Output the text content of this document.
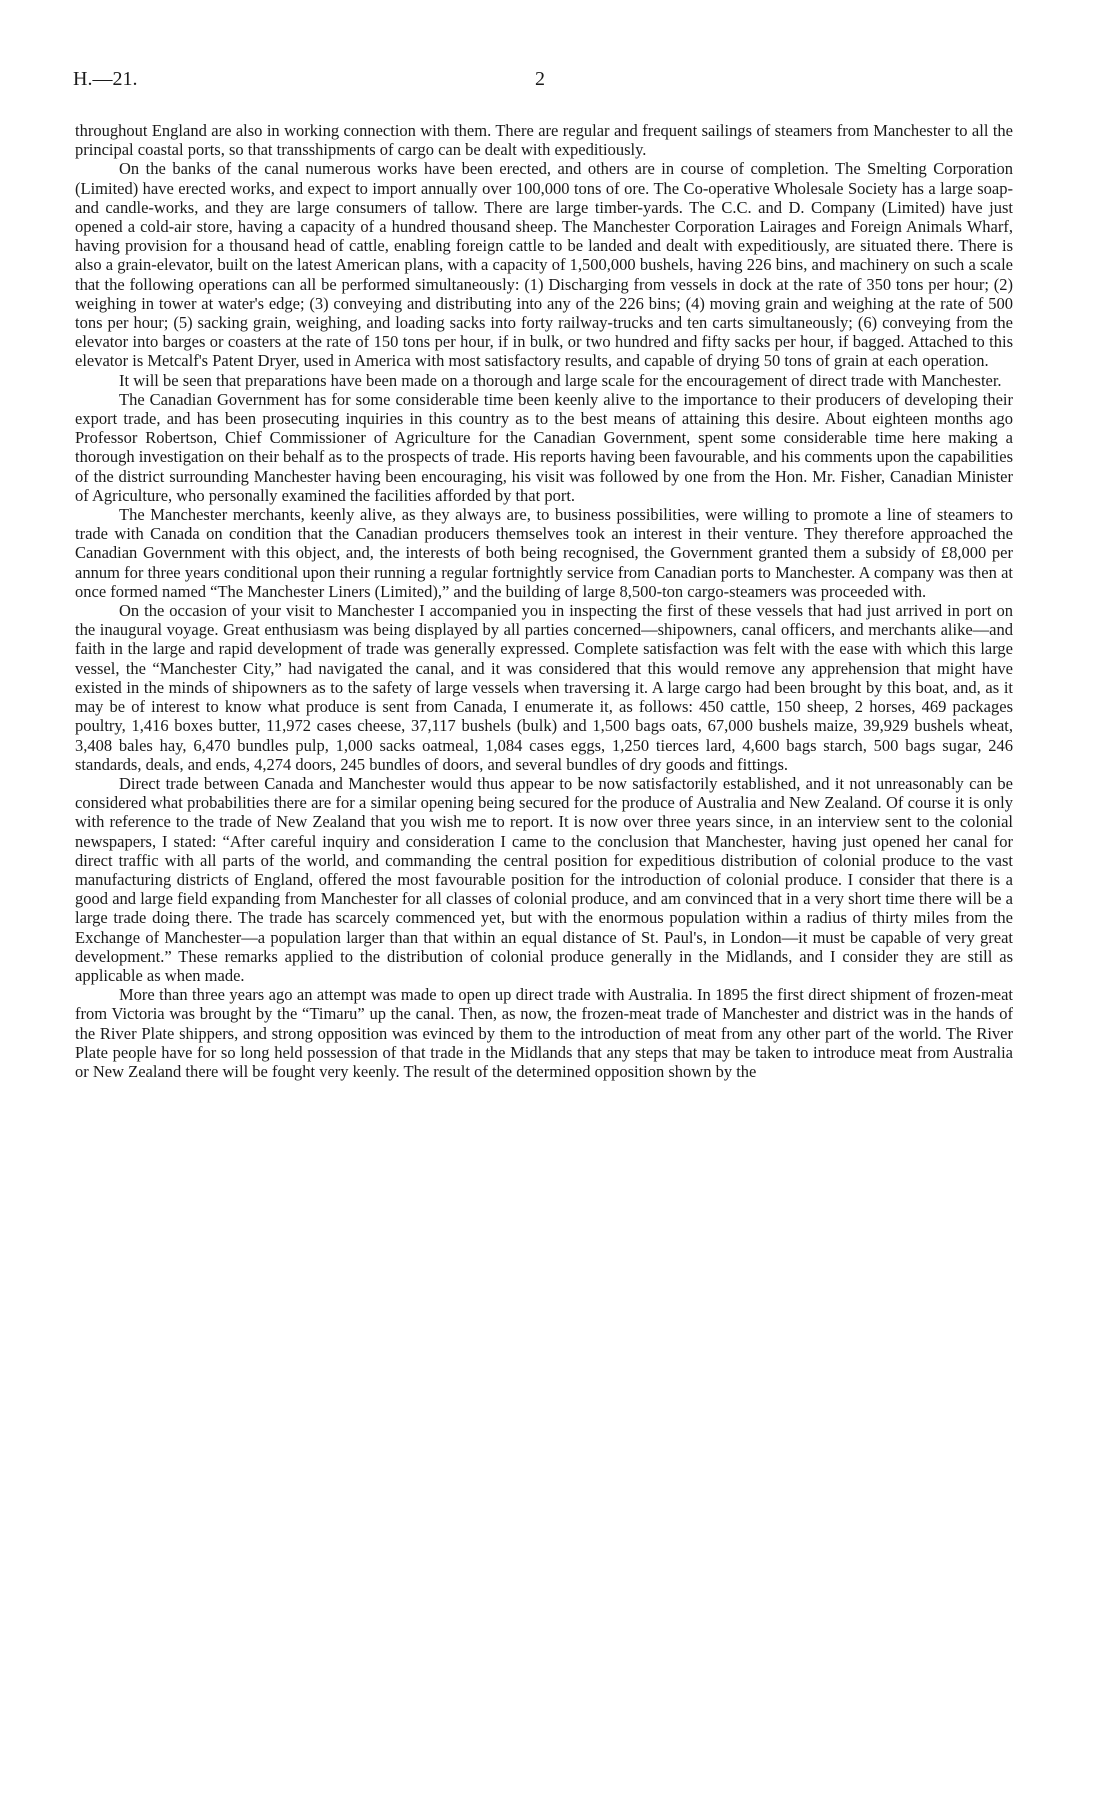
H.—21.	2

throughout England are also in working connection with them. There are regular and frequent sailings of steamers from Manchester to all the principal coastal ports, so that transshipments of cargo can be dealt with expeditiously.

On the banks of the canal numerous works have been erected, and others are in course of completion. The Smelting Corporation (Limited) have erected works, and expect to import annually over 100,000 tons of ore. The Co-operative Wholesale Society has a large soap- and candle-works, and they are large consumers of tallow. There are large timber-yards. The C.C. and D. Company (Limited) have just opened a cold-air store, having a capacity of a hundred thousand sheep. The Manchester Corporation Lairages and Foreign Animals Wharf, having provision for a thousand head of cattle, enabling foreign cattle to be landed and dealt with expeditiously, are situated there. There is also a grain-elevator, built on the latest American plans, with a capacity of 1,500,000 bushels, having 226 bins, and machinery on such a scale that the following operations can all be performed simultaneously: (1) Discharging from vessels in dock at the rate of 350 tons per hour; (2) weighing in tower at water's edge; (3) conveying and distributing into any of the 226 bins; (4) moving grain and weighing at the rate of 500 tons per hour; (5) sacking grain, weighing, and loading sacks into forty railway-trucks and ten carts simultaneously; (6) conveying from the elevator into barges or coasters at the rate of 150 tons per hour, if in bulk, or two hundred and fifty sacks per hour, if bagged. Attached to this elevator is Metcalf's Patent Dryer, used in America with most satisfactory results, and capable of drying 50 tons of grain at each operation.

It will be seen that preparations have been made on a thorough and large scale for the encouragement of direct trade with Manchester.

The Canadian Government has for some considerable time been keenly alive to the importance to their producers of developing their export trade, and has been prosecuting inquiries in this country as to the best means of attaining this desire. About eighteen months ago Professor Robertson, Chief Commissioner of Agriculture for the Canadian Government, spent some considerable time here making a thorough investigation on their behalf as to the prospects of trade. His reports having been favourable, and his comments upon the capabilities of the district surrounding Manchester having been encouraging, his visit was followed by one from the Hon. Mr. Fisher, Canadian Minister of Agriculture, who personally examined the facilities afforded by that port.

The Manchester merchants, keenly alive, as they always are, to business possibilities, were willing to promote a line of steamers to trade with Canada on condition that the Canadian producers themselves took an interest in their venture. They therefore approached the Canadian Government with this object, and, the interests of both being recognised, the Government granted them a subsidy of £8,000 per annum for three years conditional upon their running a regular fortnightly service from Canadian ports to Manchester. A company was then at once formed named “The Manchester Liners (Limited),” and the building of large 8,500-ton cargo-steamers was proceeded with.

On the occasion of your visit to Manchester I accompanied you in inspecting the first of these vessels that had just arrived in port on the inaugural voyage. Great enthusiasm was being displayed by all parties concerned—shipowners, canal officers, and merchants alike—and faith in the large and rapid development of trade was generally expressed. Complete satisfaction was felt with the ease with which this large vessel, the “Manchester City,” had navigated the canal, and it was considered that this would remove any apprehension that might have existed in the minds of shipowners as to the safety of large vessels when traversing it. A large cargo had been brought by this boat, and, as it may be of interest to know what produce is sent from Canada, I enumerate it, as follows: 450 cattle, 150 sheep, 2 horses, 469 packages poultry, 1,416 boxes butter, 11,972 cases cheese, 37,117 bushels (bulk) and 1,500 bags oats, 67,000 bushels maize, 39,929 bushels wheat, 3,408 bales hay, 6,470 bundles pulp, 1,000 sacks oatmeal, 1,084 cases eggs, 1,250 tierces lard, 4,600 bags starch, 500 bags sugar, 246 standards, deals, and ends, 4,274 doors, 245 bundles of doors, and several bundles of dry goods and fittings.

Direct trade between Canada and Manchester would thus appear to be now satisfactorily established, and it not unreasonably can be considered what probabilities there are for a similar opening being secured for the produce of Australia and New Zealand. Of course it is only with reference to the trade of New Zealand that you wish me to report. It is now over three years since, in an interview sent to the colonial newspapers, I stated: “After careful inquiry and consideration I came to the conclusion that Manchester, having just opened her canal for direct traffic with all parts of the world, and commanding the central position for expeditious distribution of colonial produce to the vast manufacturing districts of England, offered the most favourable position for the introduction of colonial produce. I consider that there is a good and large field expanding from Manchester for all classes of colonial produce, and am convinced that in a very short time there will be a large trade doing there. The trade has scarcely commenced yet, but with the enormous population within a radius of thirty miles from the Exchange of Manchester—a population larger than that within an equal distance of St. Paul's, in London—it must be capable of very great development.” These remarks applied to the distribution of colonial produce generally in the Midlands, and I consider they are still as applicable as when made.

More than three years ago an attempt was made to open up direct trade with Australia. In 1895 the first direct shipment of frozen-meat from Victoria was brought by the “Timaru” up the canal. Then, as now, the frozen-meat trade of Manchester and district was in the hands of the River Plate shippers, and strong opposition was evinced by them to the introduction of meat from any other part of the world. The River Plate people have for so long held possession of that trade in the Midlands that any steps that may be taken to introduce meat from Australia or New Zealand there will be fought very keenly. The result of the determined opposition shown by the
